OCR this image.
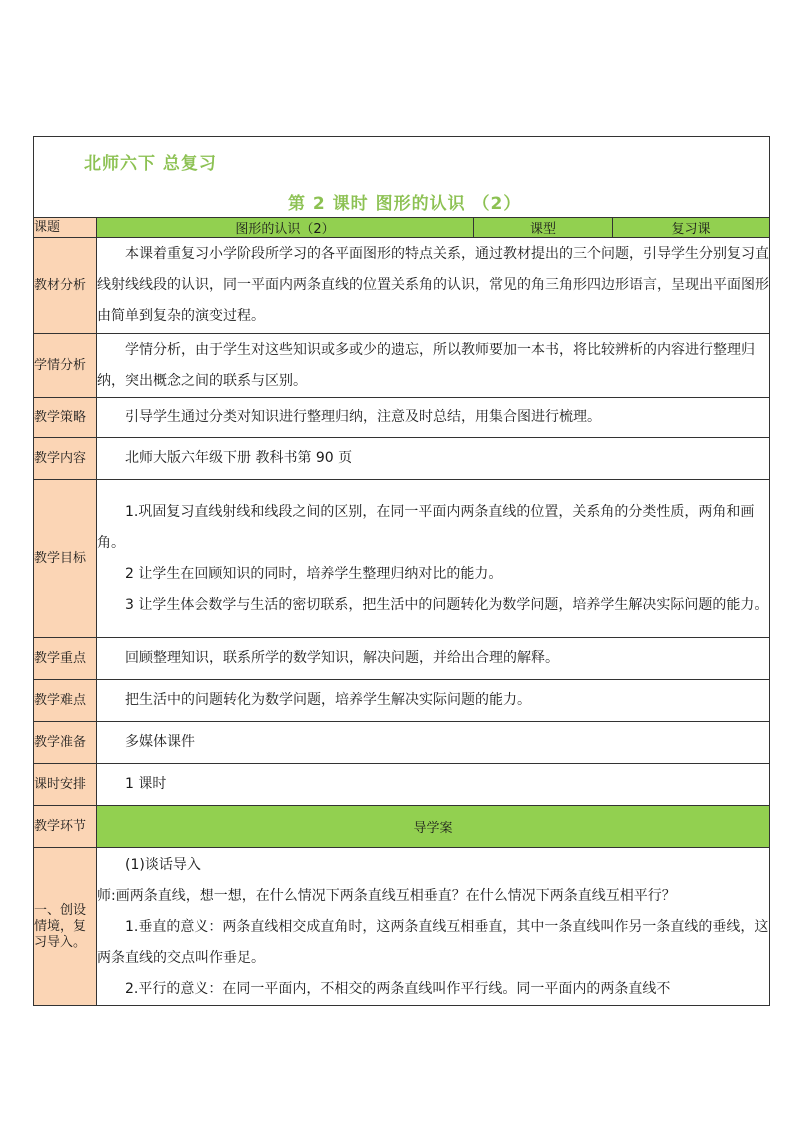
北师六下 总复习
第 2 课时 图形的认识 （2）			

课题	图形的认识（2）	课型	复习课
教材分析	本课着重复习小学阶段所学习的各平面图形的特点关系，通过教材提出的三个问题，引导学生分别复习直线射线线段的认识，同一平面内两条直线的位置关系角的认识，常见的角三角形四边形语言，呈现出平面图形由简单到复杂的演变过程。		

学情分析	学情分析，由于学生对这些知识或多或少的遗忘，所以教师要加一本书，将比较辨析的内容进行整理归纳，突出概念之间的联系与区别。		

教学策略	引导学生通过分类对知识进行整理归纳，注意及时总结，用集合图进行梳理。		

教学内容	北师大版六年级下册 教科书第 90 页		

教学目标	1.巩固复习直线射线和线段之间的区别，在同一平面内两条直线的位置，关系角的分类性质，两角和画角。

2 让学生在回顾知识的同时，培养学生整理归纳对比的能力。

3 让学生体会数学与生活的密切联系，把生活中的问题转化为数学问题，培养学生解决实际问题的能力。		

教学重点	回顾整理知识，联系所学的数学知识，解决问题，并给出合理的解释。		

教学难点	把生活中的问题转化为数学问题，培养学生解决实际问题的能力。		

教学准备	多媒体课件		

课时安排	1 课时		

教学环节	导学案		
一、创设情境，复习导入。	(1)谈话导入

师:画两条直线，想一想，在什么情况下两条直线互相垂直？在什么情况下两条直线互相平行？

1.垂直的意义：两条直线相交成直角时，这两条直线互相垂直，其中一条直线叫作另一条直线的垂线，这两条直线的交点叫作垂足。

2.平行的意义：在同一平面内，不相交的两条直线叫作平行线。同一平面内的两条直线不		
